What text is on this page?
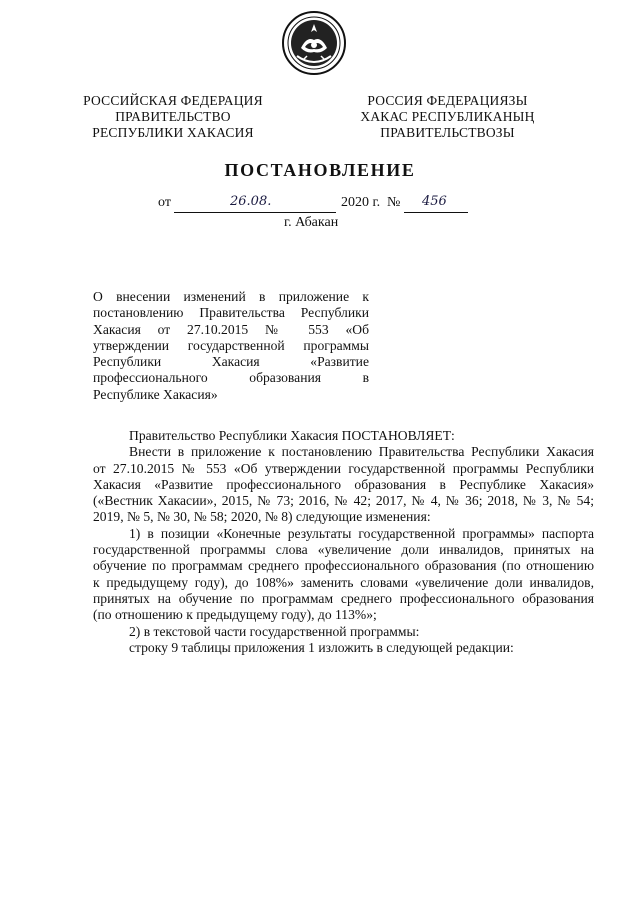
РОССИЙСКАЯ ФЕДЕРАЦИЯ
ПРАВИТЕЛЬСТВО
РЕСПУБЛИКИ ХАКАСИЯ
РОССИЯ ФЕДЕРАЦИЯЗЫ
ХАКАС РЕСПУБЛИКАНЫҢ
ПРАВИТЕЛЬСТВОЗЫ
ПОСТАНОВЛЕНИЕ
от	26.08.	2020 г. № 456
г. Абакан
О внесении изменений в приложение к
постановлению Правительства Республики
Хакасия от 27.10.2015 № 553 «Об
утверждении государственной программы
Республики Хакасия «Развитие
профессионального образования в
Республике Хакасия»
Правительство Республики Хакасия ПОСТАНОВЛЯЕТ:
Внести в приложение к постановлению Правительства Республики Хакасия
от 27.10.2015 № 553 «Об утверждении государственной программы Республики
Хакасия «Развитие профессионального образования в Республике Хакасия»
(«Вестник Хакасии», 2015, № 73; 2016, № 42; 2017, № 4, № 36; 2018, № 3, № 54;
2019, № 5, № 30, № 58; 2020, № 8) следующие изменения:
1) в позиции «Конечные результаты государственной программы» паспорта
государственной программы слова «увеличение доли инвалидов, принятых на
обучение по программам среднего профессионального образования (по отношению
к предыдущему году), до 108%» заменить словами «увеличение доли инвалидов,
принятых на обучение по программам среднего профессионального образования
(по отношению к предыдущему году), до 113%»;
2) в текстовой части государственной программы:
строку 9 таблицы приложения 1 изложить в следующей редакции:
